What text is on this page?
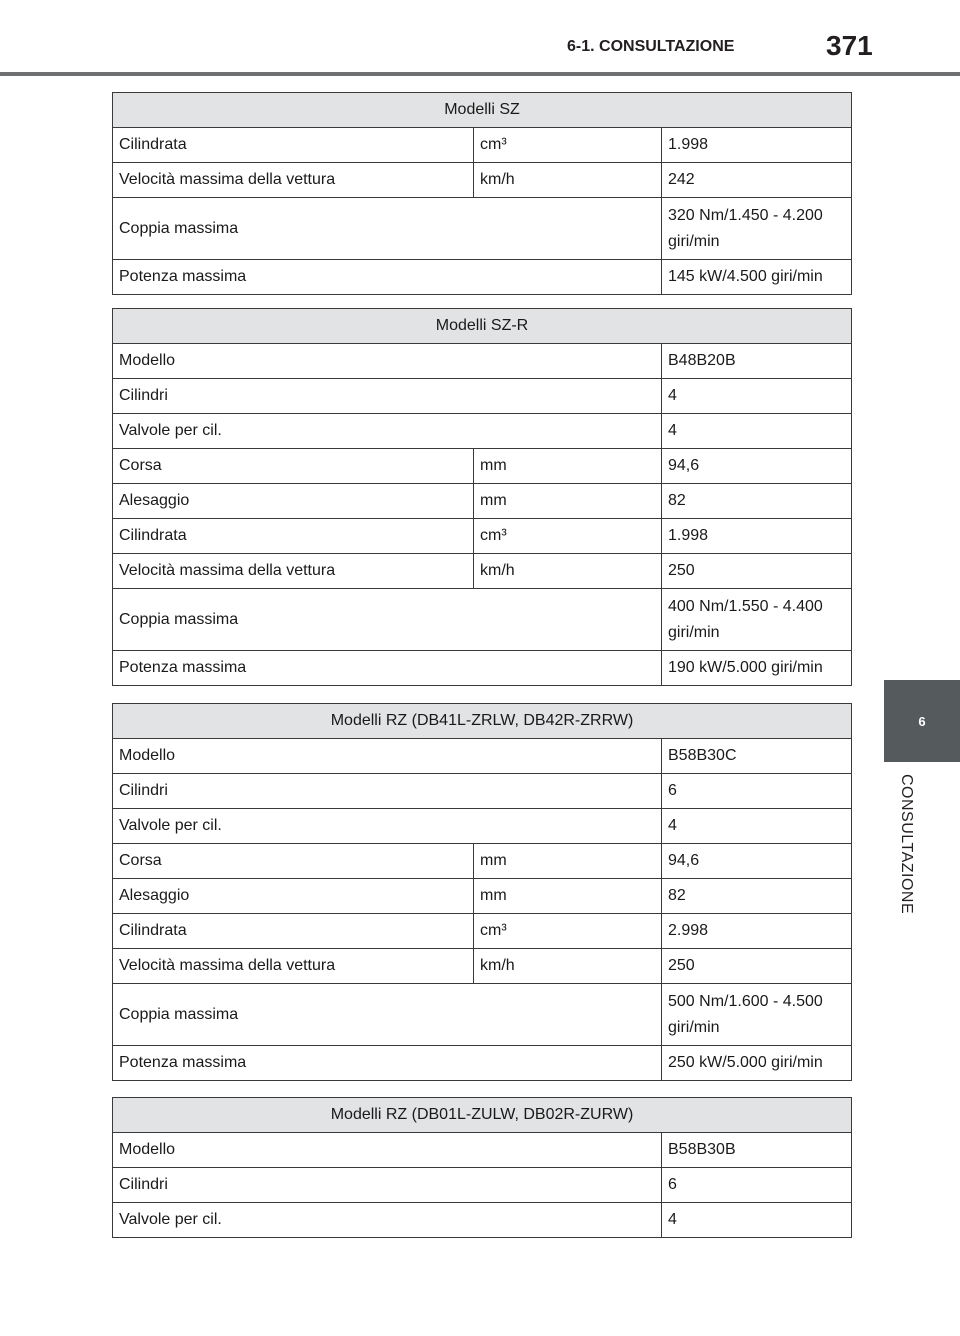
6-1. CONSULTAZIONE	371
6
CONSULTAZIONE
Modelli SZ		
Cilindrata	cm³	1.998
Velocità massima della vettura	km/h	242
Coppia massima		320 Nm/1.450 - 4.200 giri/min
Potenza massima		145 kW/4.500 giri/min
Modelli SZ-R		
Modello		B48B20B
Cilindri		4
Valvole per cil.		4
Corsa	mm	94,6
Alesaggio	mm	82
Cilindrata	cm³	1.998
Velocità massima della vettura	km/h	250
Coppia massima		400 Nm/1.550 - 4.400 giri/min
Potenza massima		190 kW/5.000 giri/min
Modelli RZ (DB41L-ZRLW, DB42R-ZRRW)		
Modello		B58B30C
Cilindri		6
Valvole per cil.		4
Corsa	mm	94,6
Alesaggio	mm	82
Cilindrata	cm³	2.998
Velocità massima della vettura	km/h	250
Coppia massima		500 Nm/1.600 - 4.500 giri/min
Potenza massima		250 kW/5.000 giri/min
Modelli RZ (DB01L-ZULW, DB02R-ZURW)	
Modello	B58B30B
Cilindri	6
Valvole per cil.	4
